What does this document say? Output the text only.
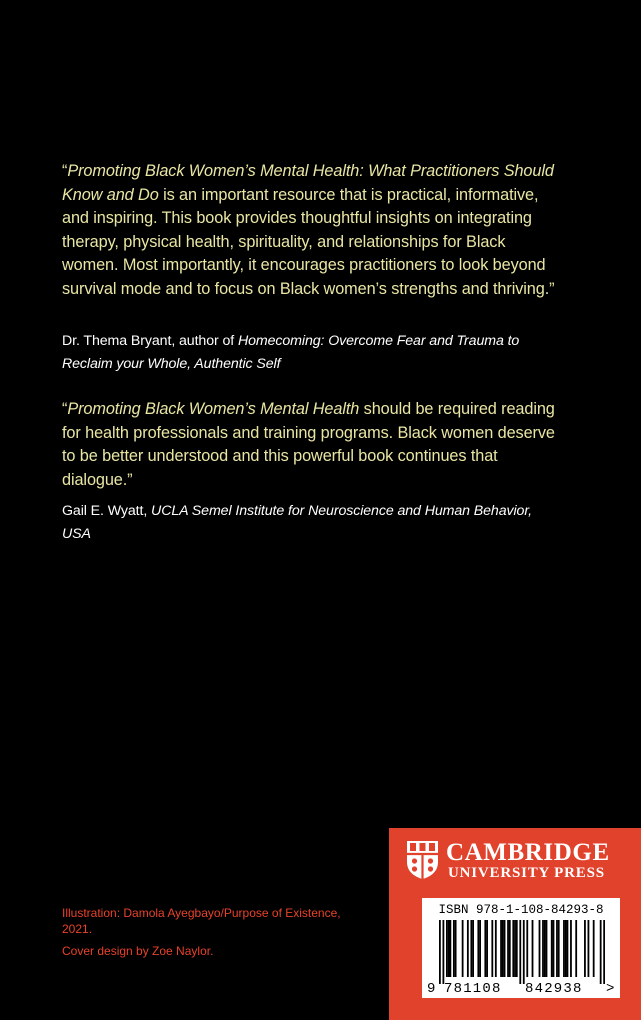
“Promoting Black Women’s Mental Health: What Practitioners Should Know and Do is an important resource that is practical, informative, and inspiring. This book provides thoughtful insights on integrating therapy, physical health, spirituality, and relationships for Black women. Most importantly, it encourages practitioners to look beyond survival mode and to focus on Black women’s strengths and thriving.”

Dr. Thema Bryant, author of Homecoming: Overcome Fear and Trauma to Reclaim your Whole, Authentic Self

“Promoting Black Women’s Mental Health should be required reading for health professionals and training programs. Black women deserve to be better understood and this powerful book continues that dialogue.”

Gail E. Wyatt, UCLA Semel Institute for Neuroscience and Human Behavior, USA

Illustration: Damola Ayegbayo/Purpose of Existence, 2021.

Cover design by Zoe Naylor.

CAMBRIDGE
UNIVERSITY PRESS
ISBN 978-1-108-84293-8
9 781108 842938 >
